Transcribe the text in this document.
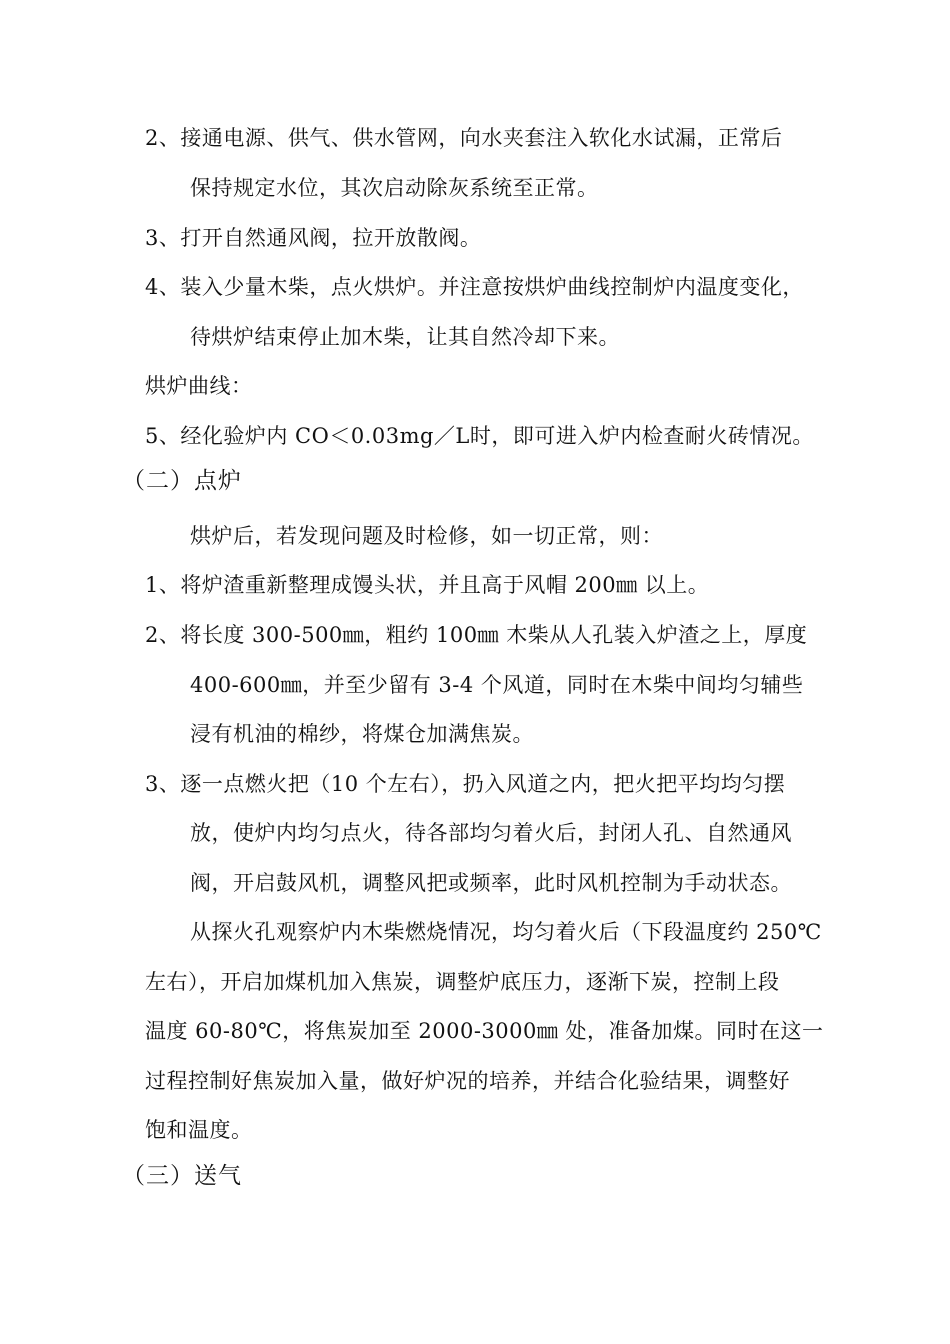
2、接通电源、供气、供水管网，向水夹套注入软化水试漏，正常后

保持规定水位，其次启动除灰系统至正常。

3、打开自然通风阀，拉开放散阀。

4、装入少量木柴，点火烘炉。并注意按烘炉曲线控制炉内温度变化，

待烘炉结束停止加木柴，让其自然冷却下来。

烘炉曲线：

5、经化验炉内 CO＜0.03mg／L时，即可进入炉内检查耐火砖情况。

（二）点炉

烘炉后，若发现问题及时检修，如一切正常，则：

1、将炉渣重新整理成馒头状，并且高于风帽 200㎜ 以上。

2、将长度 300-500㎜，粗约 100㎜ 木柴从人孔装入炉渣之上，厚度

400-600㎜，并至少留有 3-4 个风道，同时在木柴中间均匀辅些

浸有机油的棉纱，将煤仓加满焦炭。

3、逐一点燃火把（10 个左右），扔入风道之内，把火把平均均匀摆

放，使炉内均匀点火，待各部均匀着火后，封闭人孔、自然通风

阀，开启鼓风机，调整风把或频率，此时风机控制为手动状态。

从探火孔观察炉内木柴燃烧情况，均匀着火后（下段温度约 250℃

左右），开启加煤机加入焦炭，调整炉底压力，逐渐下炭，控制上段

温度 60-80℃，将焦炭加至 2000-3000㎜ 处，准备加煤。同时在这一

过程控制好焦炭加入量，做好炉况的培养，并结合化验结果，调整好

饱和温度。

（三）送气
